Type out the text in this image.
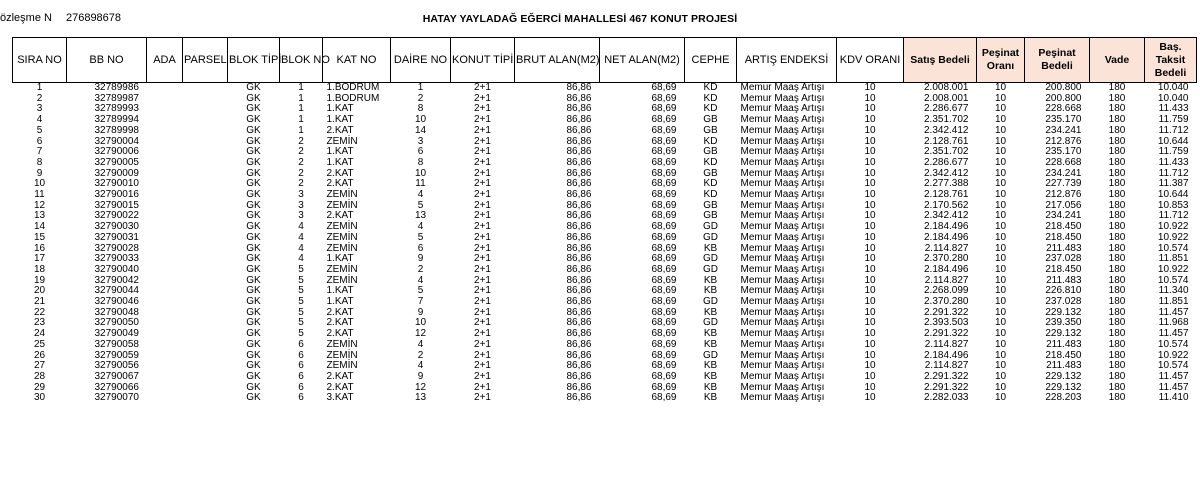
özleşme N 276898678	HATAY YAYLADAĞ EĞERCİ MAHALLESİ 467 KONUT PROJESİ
SIRA NO	BB NO	ADA	PARSEL	BLOK TİPİ	BLOK NO	KAT NO	DAİRE NO	KONUT TİPİ	BRUT ALAN(M2)	NET ALAN(M2)	CEPHE	ARTIŞ ENDEKSİ	KDV ORANI	Satış Bedeli	Peşinat Oranı	Peşinat Bedeli	Vade	Baş. Taksit Bedeli
1	32789986			GK	1	1.BODRUM	1	2+1	86,86	68,69	KD	Memur Maaş Artışı	10	2.008.001	10	200.800	180	10.040
2	32789987			GK	1	1.BODRUM	2	2+1	86,86	68,69	KD	Memur Maaş Artışı	10	2.008.001	10	200.800	180	10.040
3	32789993			GK	1	1.KAT	8	2+1	86,86	68,69	KD	Memur Maaş Artışı	10	2.286.677	10	228.668	180	11.433
4	32789994			GK	1	1.KAT	10	2+1	86,86	68,69	GB	Memur Maaş Artışı	10	2.351.702	10	235.170	180	11.759
5	32789998			GK	1	2.KAT	14	2+1	86,86	68,69	GB	Memur Maaş Artışı	10	2.342.412	10	234.241	180	11.712
6	32790004			GK	2	ZEMİN	3	2+1	86,86	68,69	KD	Memur Maaş Artışı	10	2.128.761	10	212.876	180	10.644
7	32790006			GK	2	1.KAT	6	2+1	86,86	68,69	GB	Memur Maaş Artışı	10	2.351.702	10	235.170	180	11.759
8	32790005			GK	2	1.KAT	8	2+1	86,86	68,69	KD	Memur Maaş Artışı	10	2.286.677	10	228.668	180	11.433
9	32790009			GK	2	2.KAT	10	2+1	86,86	68,69	GB	Memur Maaş Artışı	10	2.342.412	10	234.241	180	11.712
10	32790010			GK	2	2.KAT	11	2+1	86,86	68,69	KD	Memur Maaş Artışı	10	2.277.388	10	227.739	180	11.387
11	32790016			GK	3	ZEMİN	4	2+1	86,86	68,69	KD	Memur Maaş Artışı	10	2.128.761	10	212.876	180	10.644
12	32790015			GK	3	ZEMİN	5	2+1	86,86	68,69	GB	Memur Maaş Artışı	10	2.170.562	10	217.056	180	10.853
13	32790022			GK	3	2.KAT	13	2+1	86,86	68,69	GB	Memur Maaş Artışı	10	2.342.412	10	234.241	180	11.712
14	32790030			GK	4	ZEMİN	4	2+1	86,86	68,69	GD	Memur Maaş Artışı	10	2.184.496	10	218.450	180	10.922
15	32790031			GK	4	ZEMİN	5	2+1	86,86	68,69	GD	Memur Maaş Artışı	10	2.184.496	10	218.450	180	10.922
16	32790028			GK	4	ZEMİN	6	2+1	86,86	68,69	KB	Memur Maaş Artışı	10	2.114.827	10	211.483	180	10.574
17	32790033			GK	4	1.KAT	9	2+1	86,86	68,69	GD	Memur Maaş Artışı	10	2.370.280	10	237.028	180	11.851
18	32790040			GK	5	ZEMİN	2	2+1	86,86	68,69	GD	Memur Maaş Artışı	10	2.184.496	10	218.450	180	10.922
19	32790042			GK	5	ZEMİN	4	2+1	86,86	68,69	KB	Memur Maaş Artışı	10	2.114.827	10	211.483	180	10.574
20	32790044			GK	5	1.KAT	5	2+1	86,86	68,69	KB	Memur Maaş Artışı	10	2.268.099	10	226.810	180	11.340
21	32790046			GK	5	1.KAT	7	2+1	86,86	68,69	GD	Memur Maaş Artışı	10	2.370.280	10	237.028	180	11.851
22	32790048			GK	5	2.KAT	9	2+1	86,86	68,69	KB	Memur Maaş Artışı	10	2.291.322	10	229.132	180	11.457
23	32790050			GK	5	2.KAT	10	2+1	86,86	68,69	GD	Memur Maaş Artışı	10	2.393.503	10	239.350	180	11.968
24	32790049			GK	5	2.KAT	12	2+1	86,86	68,69	KB	Memur Maaş Artışı	10	2.291.322	10	229.132	180	11.457
25	32790058			GK	6	ZEMİN	4	2+1	86,86	68,69	KB	Memur Maaş Artışı	10	2.114.827	10	211.483	180	10.574
26	32790059			GK	6	ZEMİN	2	2+1	86,86	68,69	GD	Memur Maaş Artışı	10	2.184.496	10	218.450	180	10.922
27	32790056			GK	6	ZEMİN	4	2+1	86,86	68,69	KB	Memur Maaş Artışı	10	2.114.827	10	211.483	180	10.574
28	32790067			GK	6	2.KAT	9	2+1	86,86	68,69	KB	Memur Maaş Artışı	10	2.291.322	10	229.132	180	11.457
29	32790066			GK	6	2.KAT	12	2+1	86,86	68,69	KB	Memur Maaş Artışı	10	2.291.322	10	229.132	180	11.457
30	32790070			GK	6	3.KAT	13	2+1	86,86	68,69	KB	Memur Maaş Artışı	10	2.282.033	10	228.203	180	11.410
